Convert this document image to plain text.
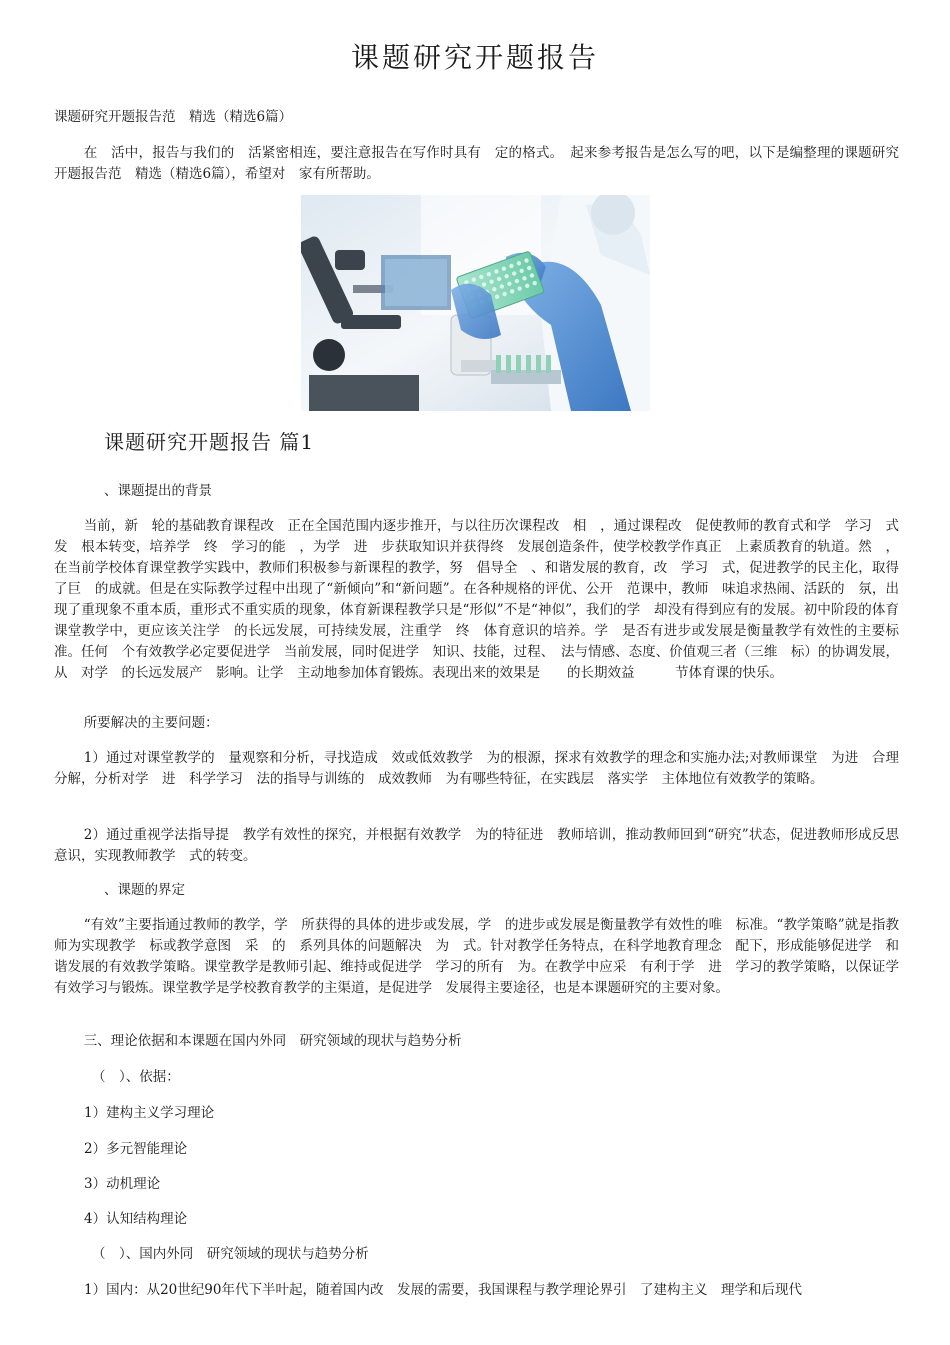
课题研究开题报告

课题研究开题报告范　精选（精选6篇）

在　活中，报告与我们的　活紧密相连，要注意报告在写作时具有　定的格式。　起来参考报告是怎么写的吧，以下是编整理的课题研究开题报告范　精选（精选6篇），希望对　家有所帮助。

课题研究开题报告 篇1

、课题提出的背景

当前，新　轮的基础教育课程改　正在全国范围内逐步推开，与以往历次课程改　相　，通过课程改　促使教师的教育式和学　学习　式发　根本转变，培养学　终　学习的能　，为学　进　步获取知识并获得终　发展创造条件，使学校教学作真正　上素质教育的轨道。然　，在当前学校体育课堂教学实践中，教师们积极参与新课程的教学，努　倡导全　、和谐发展的教育，改　学习　式，促进教学的民主化，取得了巨　的成就。但是在实际教学过程中出现了“新倾向”和“新问题”。在各种规格的评优、公开　范课中，教师　味追求热闹、活跃的　氛，出现了重现象不重本质，重形式不重实质的现象，体育新课程教学只是“形似”不是“神似”，我们的学　却没有得到应有的发展。初中阶段的体育课堂教学中，更应该关注学　的长远发展，可持续发展，注重学　终　体育意识的培养。学　是否有进步或发展是衡量教学有效性的主要标准。任何　个有效教学必定要促进学　当前发展，同时促进学　知识、技能，过程、　法与情感、态度、价值观三者（三维　标）的协调发展，从　对学　的长远发展产　影响。让学　主动地参加体育锻炼。表现出来的效果是　　的长期效益　　　节体育课的快乐。

所要解决的主要问题：

1）通过对课堂教学的　量观察和分析，寻找造成　效或低效教学　为的根源，探求有效教学的理念和实施办法;对教师课堂　为进　合理分解，分析对学　进　科学学习　法的指导与训练的　成效教师　为有哪些特征，在实践层　落实学　主体地位有效教学的策略。

2）通过重视学法指导提　教学有效性的探究，并根据有效教学　为的特征进　教师培训，推动教师回到“研究”状态，促进教师形成反思意识，实现教师教学　式的转变。

、课题的界定

“有效”主要指通过教师的教学，学　所获得的具体的进步或发展，学　的进步或发展是衡量教学有效性的唯　标准。“教学策略”就是指教师为实现教学　标或教学意图　采　的　系列具体的问题解决　为　式。针对教学任务特点，在科学地教育理念　配下，形成能够促进学　和谐发展的有效教学策略。课堂教学是教师引起、维持或促进学　学习的所有　为。在教学中应采　有利于学　进　学习的教学策略，以保证学　有效学习与锻炼。课堂教学是学校教育教学的主渠道，是促进学　发展得主要途径，也是本课题研究的主要对象。

三、理论依据和本课题在国内外同　研究领域的现状与趋势分析

（　）、依据：

1）建构主义学习理论

2）多元智能理论

3）动机理论

4）认知结构理论

（　）、国内外同　研究领域的现状与趋势分析

1）国内：从20世纪90年代下半叶起，随着国内改　发展的需要，我国课程与教学理论界引　了建构主义　理学和后现代
